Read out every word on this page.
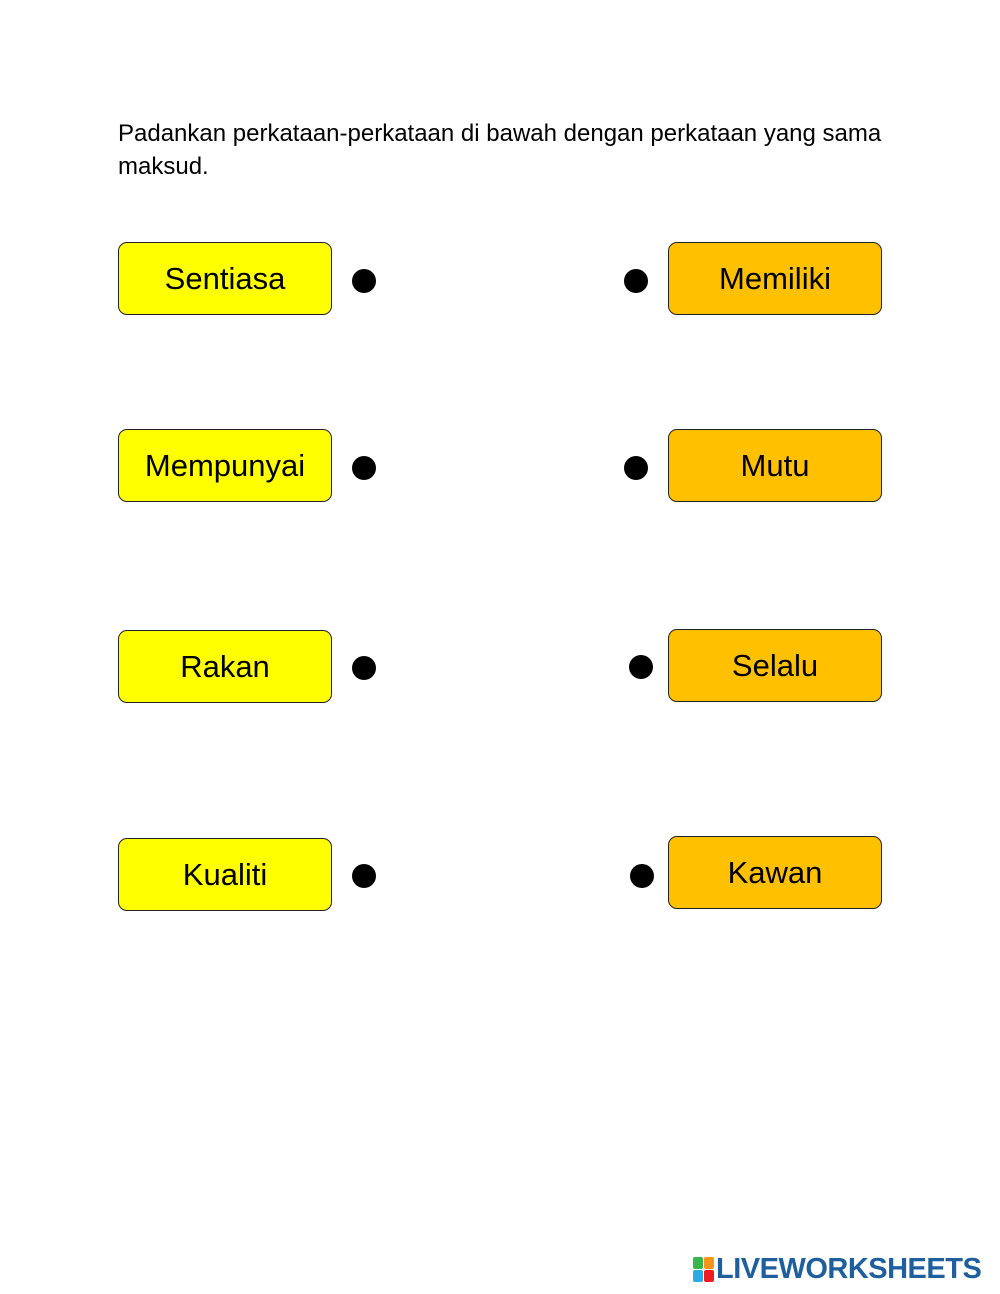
Padankan perkataan-perkataan di bawah dengan perkataan yang sama maksud.
Sentiasa
Mempunyai
Rakan
Kualiti
Memiliki
Mutu
Selalu
Kawan
LIVEWORKSHEETS
